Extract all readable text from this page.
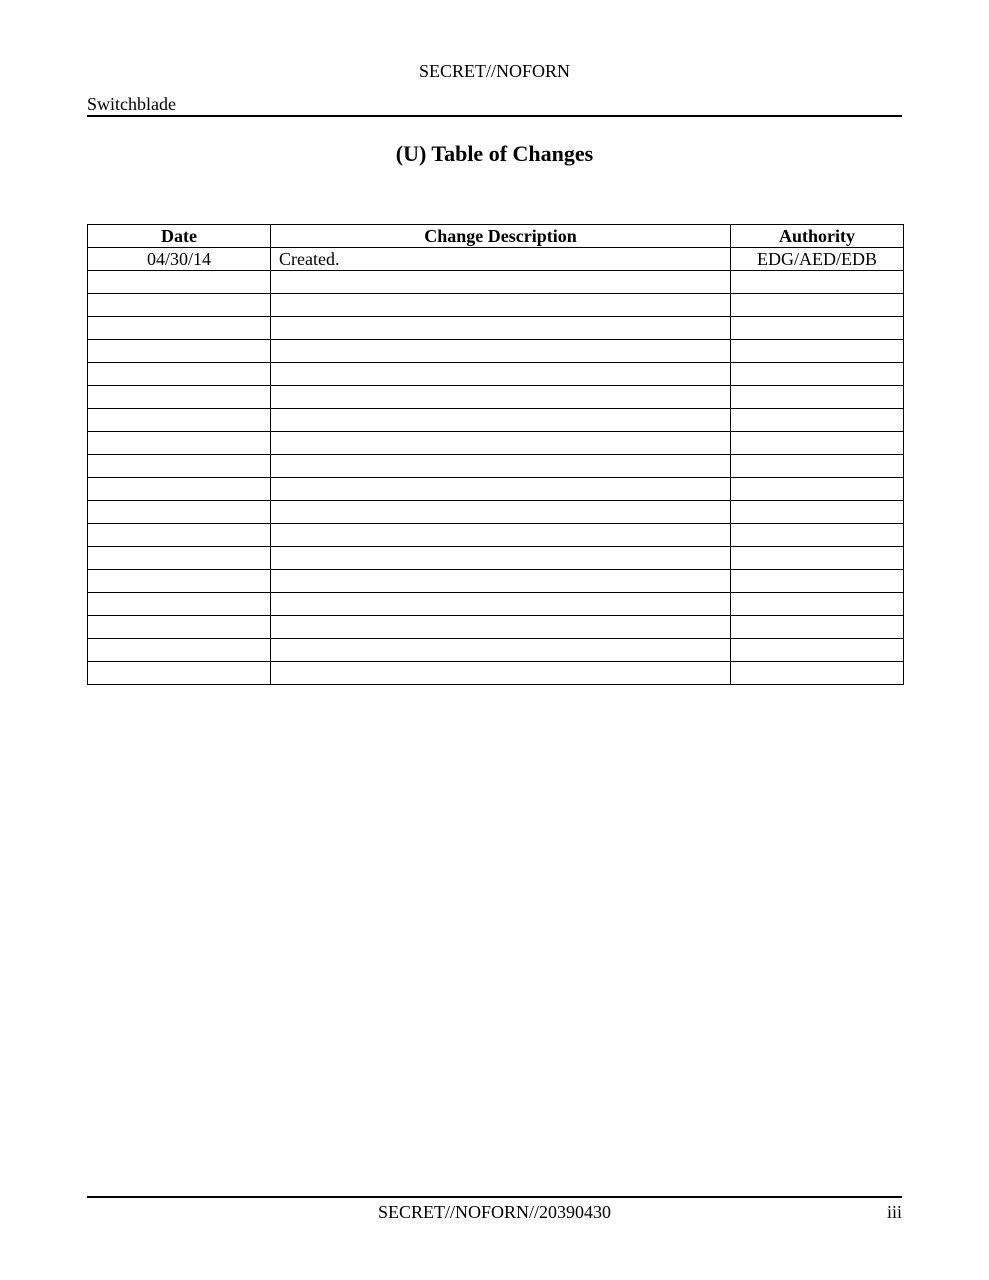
SECRET//NOFORN
Switchblade
(U) Table of Changes
Date	Change Description	Authority
04/30/14	Created.	EDG/AED/EDB

SECRET//NOFORN//20390430	iii
